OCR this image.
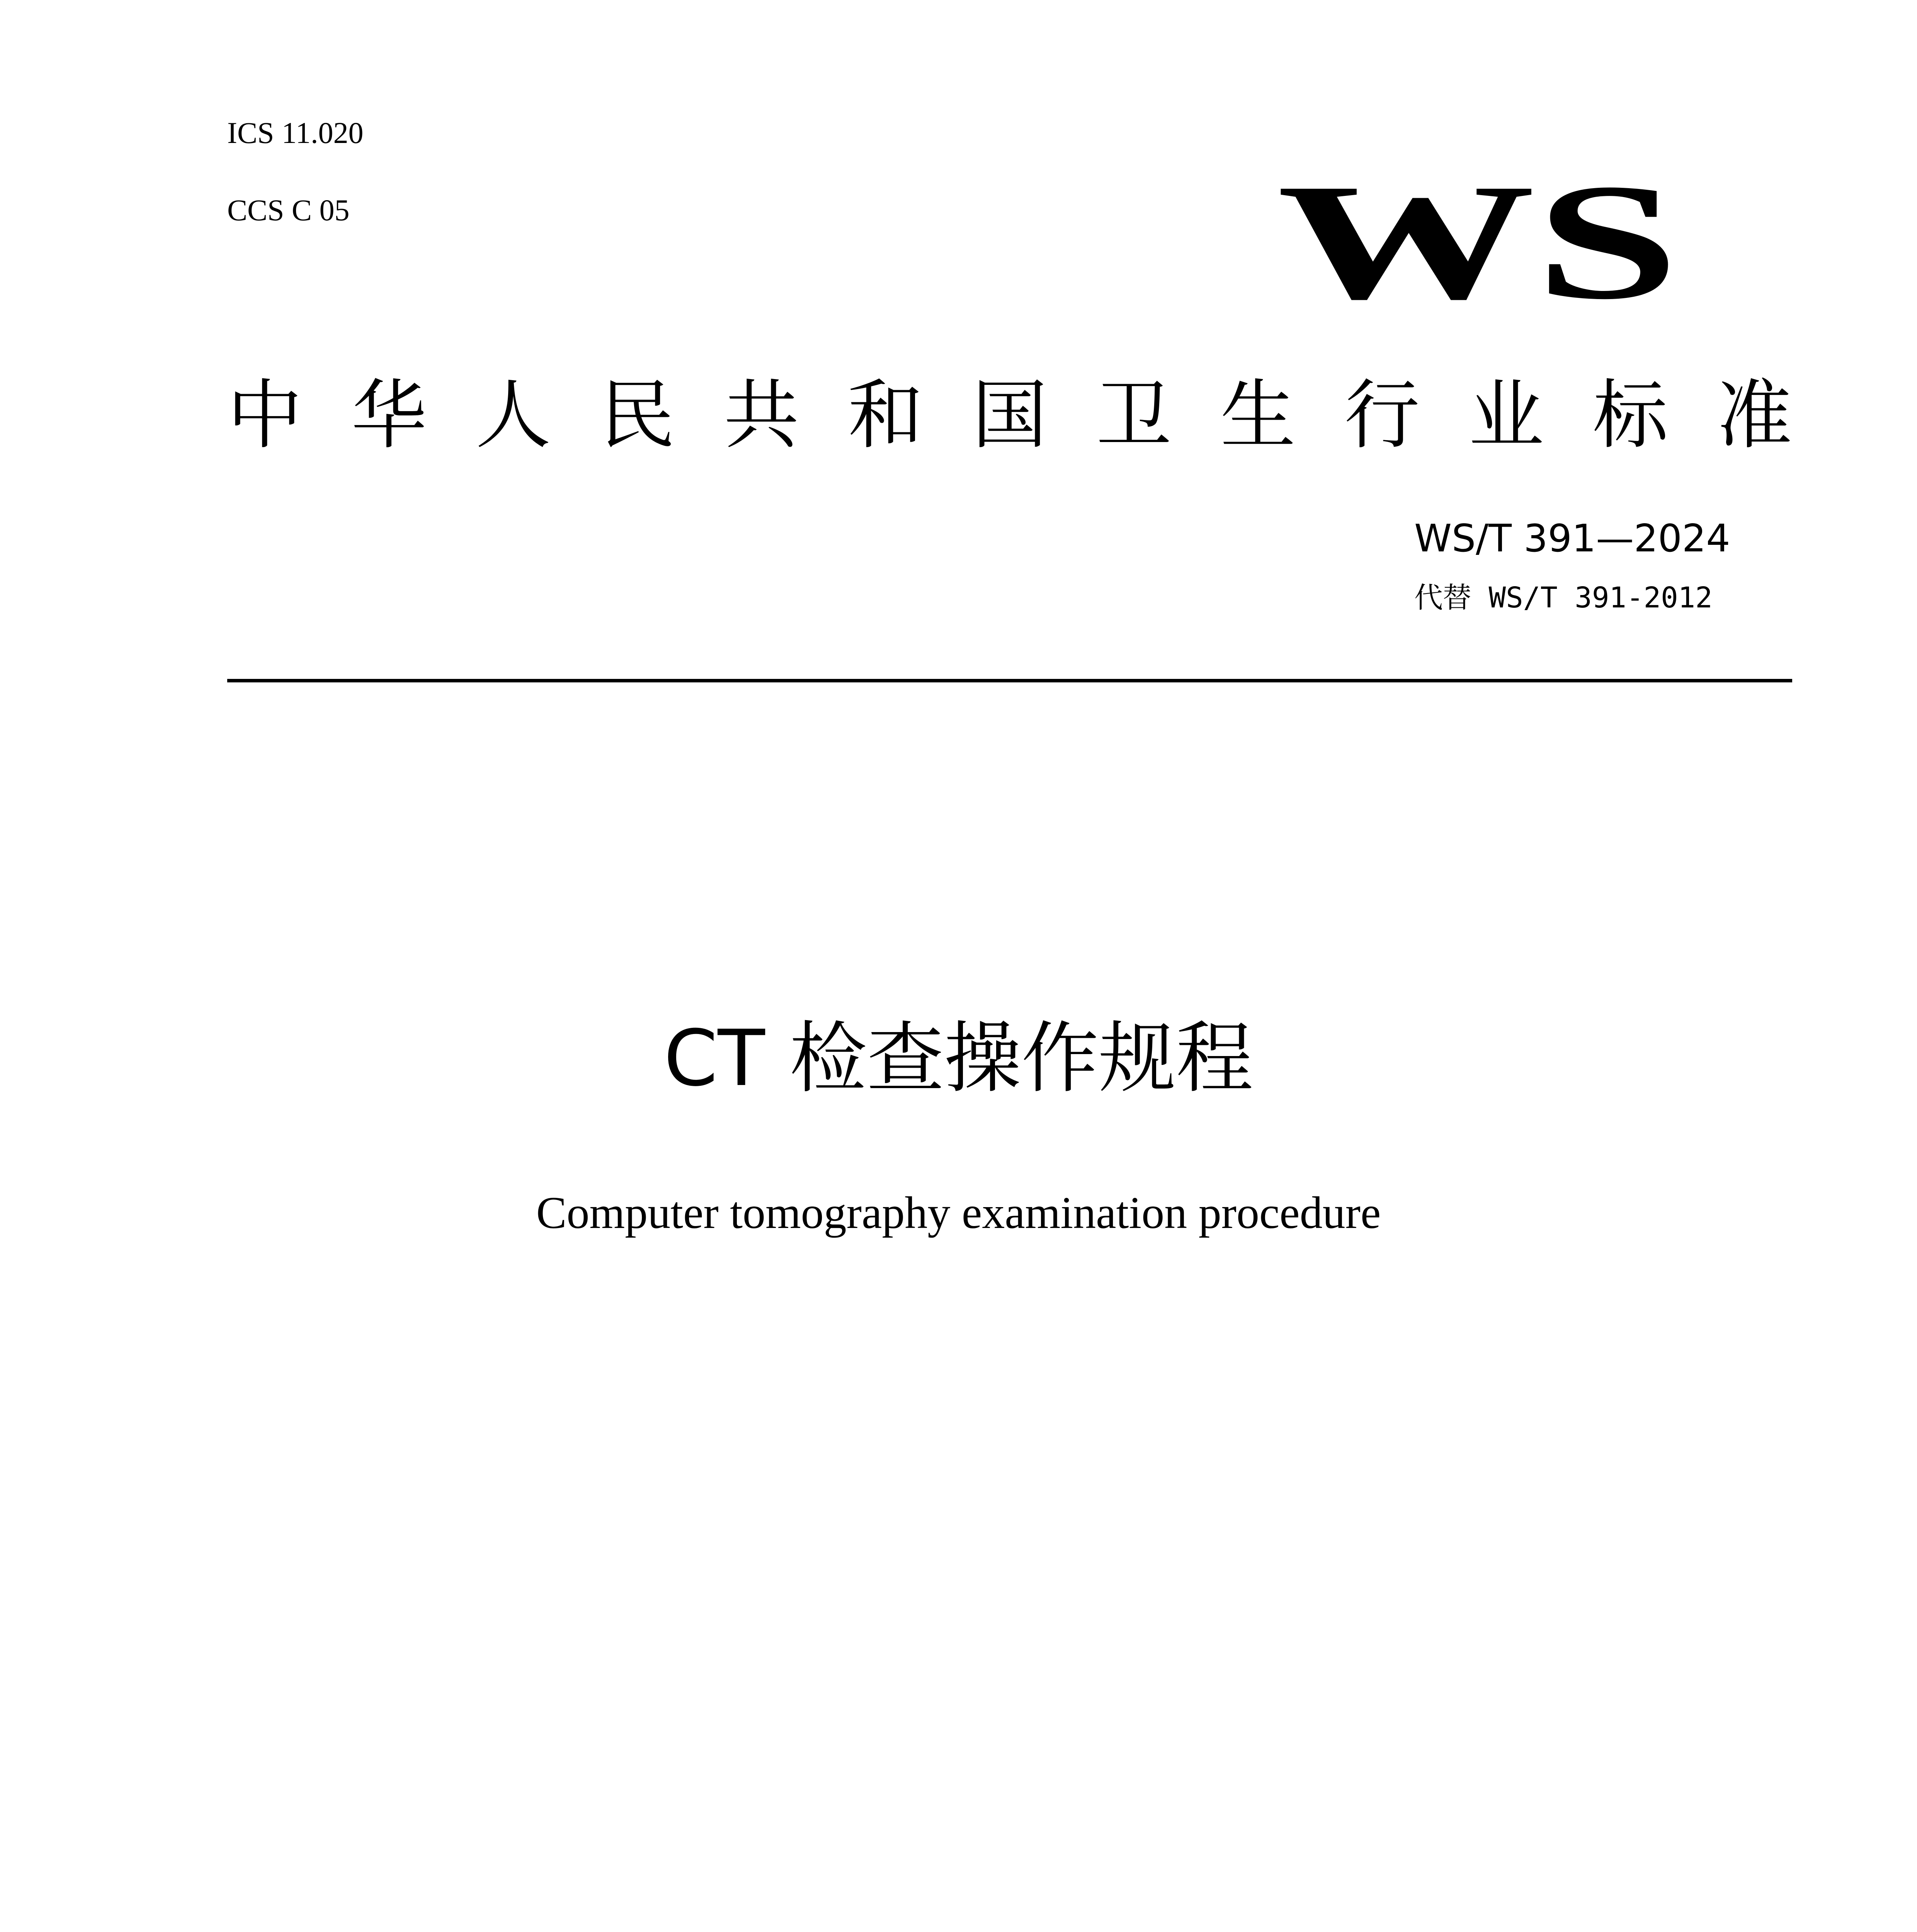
ICS 11.020
CCS C 05	WS
中 华 人 民 共 和 国 卫 生 行 业 标 准
WS/T 391—2024
代替 WS/T 391-2012
CT 检查操作规程
Computer tomography examination procedure
